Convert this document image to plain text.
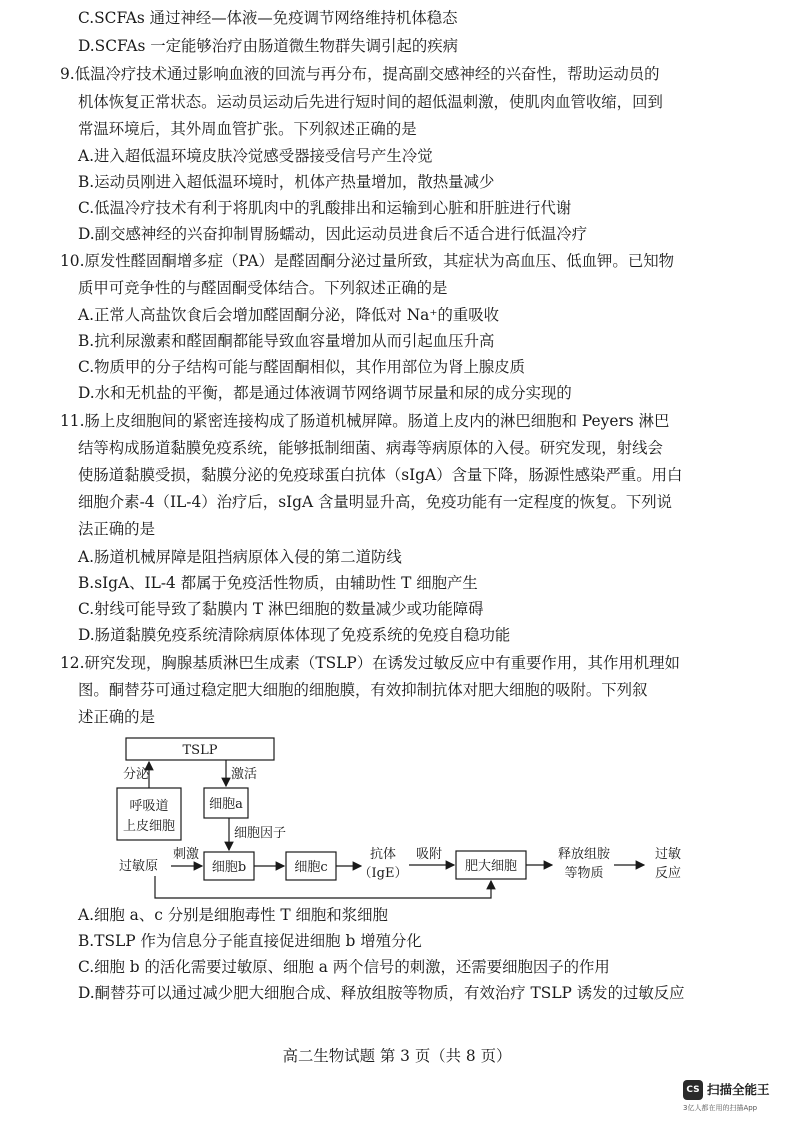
C.SCFAs 通过神经—体液—免疫调节网络维持机体稳态
D.SCFAs 一定能够治疗由肠道微生物群失调引起的疾病
9.低温冷疗技术通过影响血液的回流与再分布，提高副交感神经的兴奋性，帮助运动员的
机体恢复正常状态。运动员运动后先进行短时间的超低温刺激，使肌肉血管收缩，回到
常温环境后，其外周血管扩张。下列叙述正确的是
A.进入超低温环境皮肤冷觉感受器接受信号产生冷觉
B.运动员刚进入超低温环境时，机体产热量增加，散热量减少
C.低温冷疗技术有利于将肌肉中的乳酸排出和运输到心脏和肝脏进行代谢
D.副交感神经的兴奋抑制胃肠蠕动，因此运动员进食后不适合进行低温冷疗
10.原发性醛固酮增多症（PA）是醛固酮分泌过量所致，其症状为高血压、低血钾。已知物
质甲可竞争性的与醛固酮受体结合。下列叙述正确的是
A.正常人高盐饮食后会增加醛固酮分泌，降低对 Na⁺的重吸收
B.抗利尿激素和醛固酮都能导致血容量增加从而引起血压升高
C.物质甲的分子结构可能与醛固酮相似，其作用部位为肾上腺皮质
D.水和无机盐的平衡，都是通过体液调节网络调节尿量和尿的成分实现的
11.肠上皮细胞间的紧密连接构成了肠道机械屏障。肠道上皮内的淋巴细胞和 Peyers 淋巴
结等构成肠道黏膜免疫系统，能够抵制细菌、病毒等病原体的入侵。研究发现，射线会
使肠道黏膜受损，黏膜分泌的免疫球蛋白抗体（sIgA）含量下降，肠源性感染严重。用白
细胞介素-4（IL-4）治疗后，sIgA 含量明显升高，免疫功能有一定程度的恢复。下列说
法正确的是
A.肠道机械屏障是阻挡病原体入侵的第二道防线
B.sIgA、IL-4 都属于免疫活性物质，由辅助性 T 细胞产生
C.射线可能导致了黏膜内 T 淋巴细胞的数量减少或功能障碍
D.肠道黏膜免疫系统清除病原体体现了免疫系统的免疫自稳功能
12.研究发现，胸腺基质淋巴生成素（TSLP）在诱发过敏反应中有重要作用，其作用机理如
图。酮替芬可通过稳定肥大细胞的细胞膜，有效抑制抗体对肥大细胞的吸附。下列叙
述正确的是
TSLP
分泌	激活
呼吸道
上皮细胞
细胞a
细胞因子
过敏原
刺激
细胞b	细胞c
抗体
（IgE）
吸附
肥大细胞
释放组胺
等物质
过敏
反应
A.细胞 a、c 分别是细胞毒性 T 细胞和浆细胞
B.TSLP 作为信息分子能直接促进细胞 b 增殖分化
C.细胞 b 的活化需要过敏原、细胞 a 两个信号的刺激，还需要细胞因子的作用
D.酮替芬可以通过减少肥大细胞合成、释放组胺等物质，有效治疗 TSLP 诱发的过敏反应
高二生物试题 第 3 页（共 8 页）
CS 扫描全能王
3亿人都在用的扫描App
